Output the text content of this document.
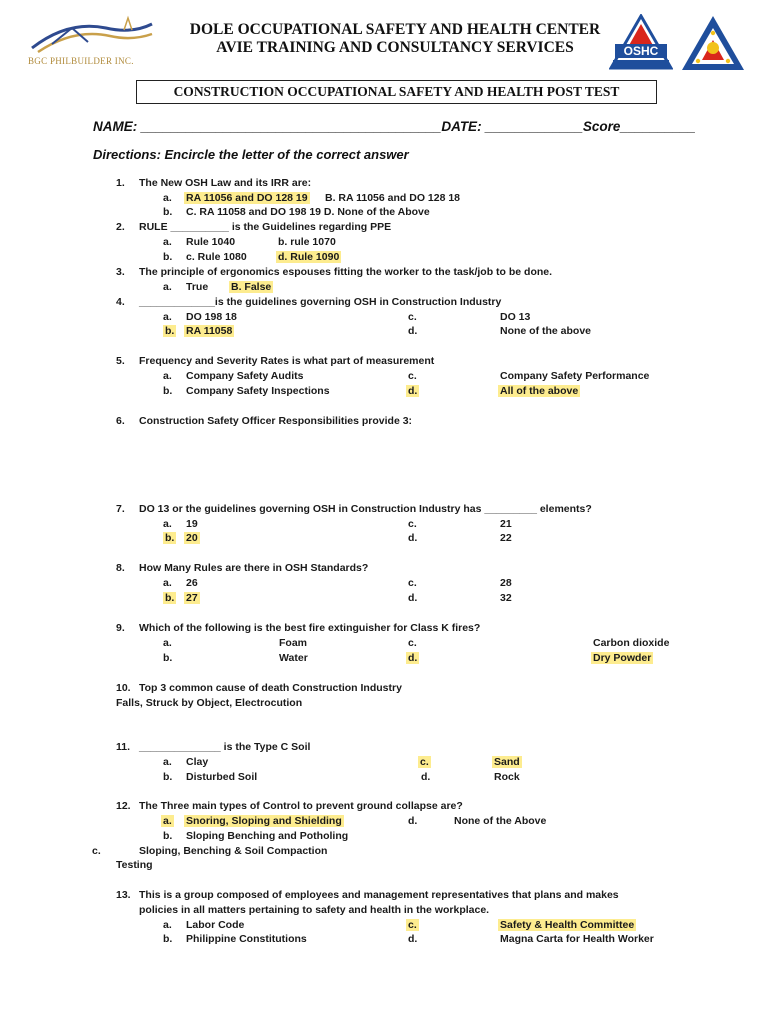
BGC PHILBUILDER INC.
DOLE OCCUPATIONAL SAFETY AND HEALTH CENTER
AVIE TRAINING AND CONSULTANCY SERVICES	OSHC
CONSTRUCTION OCCUPATIONAL SAFETY AND HEALTH POST TEST
NAME: ________________________________________DATE: _____________Score__________
Directions: Encircle the letter of the correct answer
1. The New OSH Law and its IRR are:
a. RA 11056 and DO 128 19 B. RA 11056 and DO 128 18
b. C. RA 11058 and DO 198 19 D. None of the Above
2. RULE __________ is the Guidelines regarding PPE
a. Rule 1040	b. rule 1070
b. c. Rule 1080	d. Rule 1090
3. The principle of ergonomics espouses fitting the worker to the task/job to be done.
a. True B. False
4. _____________is the guidelines governing OSH in Construction Industry
a. DO 198 18	c.	DO 13
b. RA 11058	d.	None of the above
5. Frequency and Severity Rates is what part of measurement
a. Company Safety Audits	c.	Company Safety Performance
b. Company Safety Inspections	d.	All of the above
6. Construction Safety Officer Responsibilities provide 3:
7. DO 13 or the guidelines governing OSH in Construction Industry has _________ elements?
a. 19	c.	21
b. 20	d.	22
8. How Many Rules are there in OSH Standards?
a. 26	c.	28
b. 27	d.	32
9. Which of the following is the best fire extinguisher for Class K fires?
a.	Foam	c.	Carbon dioxide
b.	Water	d.	Dry Powder
10. Top 3 common cause of death Construction Industry
Falls, Struck by Object, Electrocution
11. ______________ is the Type C Soil
a. Clay	c.	Sand
b. Disturbed Soil	d.	Rock
12. The Three main types of Control to prevent ground collapse are?
a. Snoring, Sloping and Shielding	d.	None of the Above
b. Sloping Benching and Potholing
c.	Sloping, Benching & Soil Compaction
Testing
13. This is a group composed of employees and management representatives that plans and makes
policies in all matters pertaining to safety and health in the workplace.
a. Labor Code	c.	Safety & Health Committee
b. Philippine Constitutions	d.	Magna Carta for Health Worker
